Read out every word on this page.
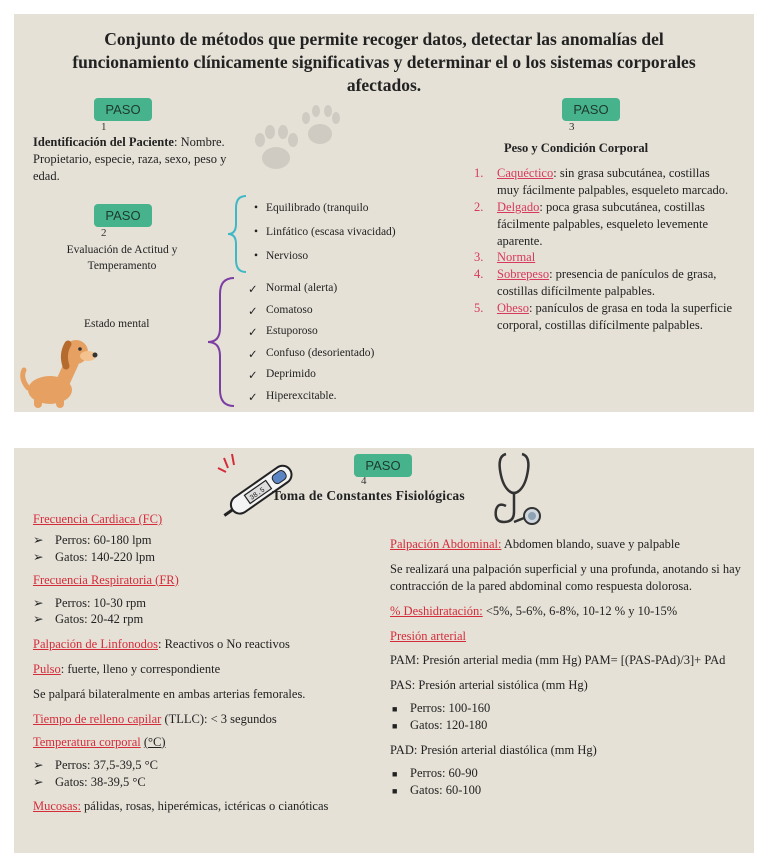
Conjunto de métodos que permite recoger datos, detectar las anomalías del funcionamiento clínicamente significativas y determinar el o los sistemas corporales afectados.
PASO
1
Identificación del Paciente: Nombre. Propietario, especie, raza, sexo, peso y edad.
PASO
2
Evaluación de Actitud y Temperamento
• Equilibrado (tranquilo
• Linfático (escasa vivacidad)
• Nervioso
Estado mental
✓ Normal (alerta)
✓ Comatoso
✓ Estuporoso
✓ Confuso (desorientado)
✓ Deprimido
✓ Hiperexcitable.
PASO
3
Peso y Condición Corporal
1. Caquéctico: sin grasa subcutánea, costillas muy fácilmente palpables, esqueleto marcado.
2. Delgado: poca grasa subcutánea, costillas fácilmente palpables, esqueleto levemente aparente.
3. Normal
4. Sobrepeso: presencia de panículos de grasa, costillas difícilmente palpables.
5. Obeso: panículos de grasa en toda la superficie corporal, costillas difícilmente palpables.
38.5
PASO
4
Toma de Constantes Fisiológicas
Frecuencia Cardiaca (FC)
➢ Perros: 60-180 lpm
➢ Gatos: 140-220 lpm
Frecuencia Respiratoria (FR)
➢ Perros: 10-30 rpm
➢ Gatos: 20-42 rpm
Palpación de Linfonodos: Reactivos o No reactivos
Pulso: fuerte, lleno y correspondiente
Se palpará bilateralmente en ambas arterias femorales.
Tiempo de relleno capilar (TLLC): < 3 segundos
Temperatura corporal (°C)
➢ Perros: 37,5-39,5 °C
➢ Gatos: 38-39,5 °C
Mucosas: pálidas, rosas, hiperémicas, ictéricas o cianóticas
Palpación Abdominal: Abdomen blando, suave y palpable
Se realizará una palpación superficial y una profunda, anotando si hay contracción de la pared abdominal como respuesta dolorosa.
% Deshidratación: <5%, 5-6%, 6-8%, 10-12 % y 10-15%
Presión arterial
PAM: Presión arterial media (mm Hg) PAM= [(PAS-PAd)/3]+ PAd
PAS: Presión arterial sistólica (mm Hg)
■ Perros: 100-160
■ Gatos: 120-180
PAD: Presión arterial diastólica (mm Hg)
■ Perros: 60-90
■ Gatos: 60-100
